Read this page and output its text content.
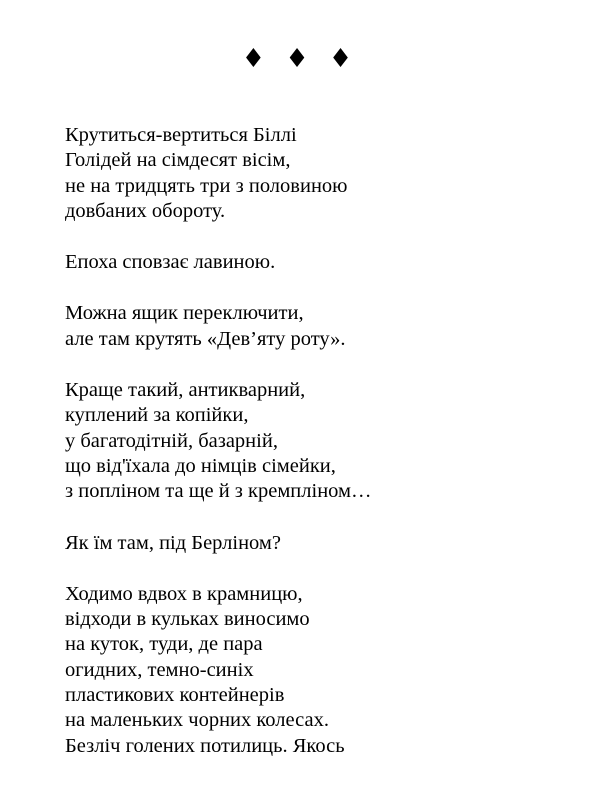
♦ ♦ ♦
Крутиться-вертиться Біллі
Голідей на сімдесят вісім,
не на тридцять три з половиною
довбаних обороту.
Епоха сповзає лавиною.
Можна ящик переключити,
але там крутять «Дев’яту роту».
Краще такий, антикварний,
куплений за копійки,
у багатодітній, базарній,
що від'їхала до німців сімейки,
з попліном та ще й з кремпліном…
Як їм там, під Берліном?
Ходимо вдвох в крамницю,
відходи в кульках виносимо
на куток, туди, де пара
огидних, темно-синіх
пластикових контейнерів
на маленьких чорних колесах.
Безліч голених потилиць. Якось
